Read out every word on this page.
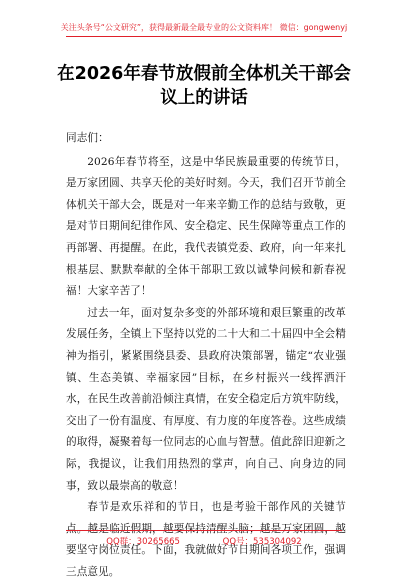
关注头条号“公文研究”，获得最新最全最专业的公文资料库！ 微信：gongwenyj
在2026年春节放假前全体机关干部会议上的讲话

同志们：

2026年春节将至，这是中华民族最重要的传统节日，是万家团圆、共享天伦的美好时刻。今天，我们召开节前全体机关干部大会，既是对一年来辛勤工作的总结与致敬，更是对节日期间纪律作风、安全稳定、民生保障等重点工作的再部署、再提醒。在此，我代表镇党委、政府，向一年来扎根基层、默默奉献的全体干部职工致以诚挚问候和新春祝福！大家辛苦了！

过去一年，面对复杂多变的外部环境和艰巨繁重的改革发展任务，全镇上下坚持以党的二十大和二十届四中全会精神为指引，紧紧围绕县委、县政府决策部署，锚定“农业强镇、生态美镇、幸福家园”目标，在乡村振兴一线挥洒汗水，在民生改善前沿倾注真情，在安全稳定后方筑牢防线，交出了一份有温度、有厚度、有力度的年度答卷。这些成绩的取得，凝聚着每一位同志的心血与智慧。值此辞旧迎新之际，我提议，让我们用热烈的掌声，向自己、向身边的同事，致以最崇高的敬意！

春节是欢乐祥和的节日，也是考验干部作风的关键节点。越是临近假期，越要保持清醒头脑；越是万家团圆，越要坚守岗位责任。下面，我就做好节日期间各项工作，强调三点意见。

QQ群：30265665	QQ号：535304092
